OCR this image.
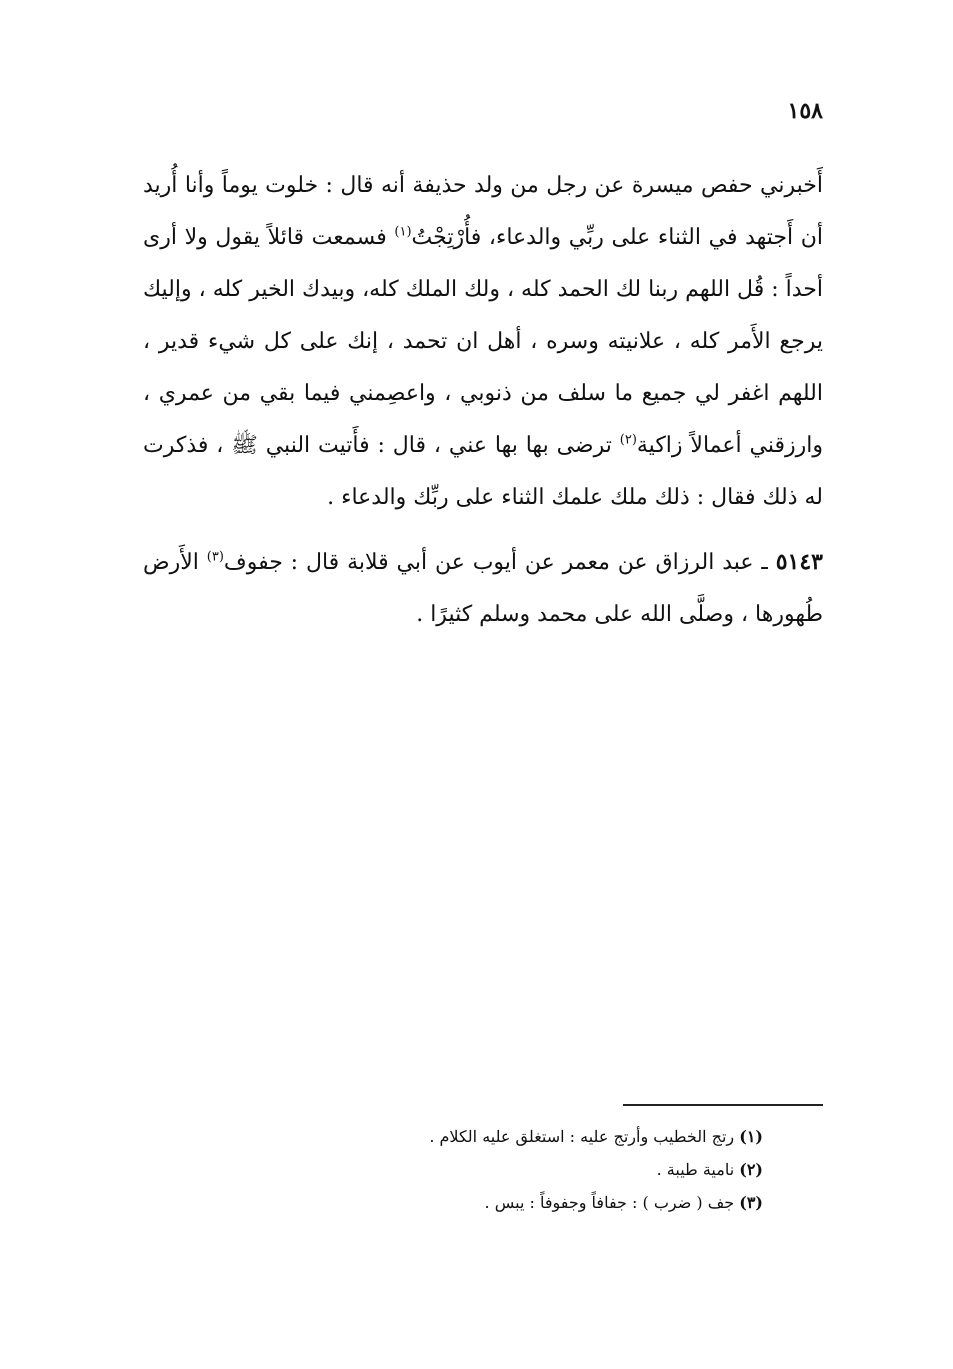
١٥٨

أَخبرني حفص ميسرة عن رجل من ولد حذيفة أنه قال : خلوت يوماً وأنا أُريد أن أَجتهد في الثناء على ربِّي والدعاء، فأُرْتِجْتُ$^{(١)}$ فسمعت قائلاً يقول ولا أرى أحداً : قُل اللهم ربنا لك الحمد كله ، ولك الملك كله، وبيدك الخير كله ، وإليك يرجع الأَمر كله ، علانيته وسره ، أهل ان تحمد ، إنك على كل شيء قدير ، اللهم اغفر لي جميع ما سلف من ذنوبي ، واعصِمني فيما بقي من عمري ، وارزقني أعمالاً زاكية$^{(٢)}$ ترضى بها بها عني ، قال : فأَتيت النبي ﷺ ، فذكرت له ذلك فقال : ذلك ملك علمك الثناء على ربِّك والدعاء .

٥١٤٣ ـ عبد الرزاق عن معمر عن أيوب عن أبي قلابة قال : جفوف$^{(٣)}$ الأَرض طُهورها ، وصلَّى الله على محمد وسلم كثيرًا .

(١) رتج الخطيب وأرتج عليه : استغلق عليه الكلام .

(٢) نامية طيبة .

(٣) جف ( ضرب ) : جفافاً وجفوفاً : يبس .
